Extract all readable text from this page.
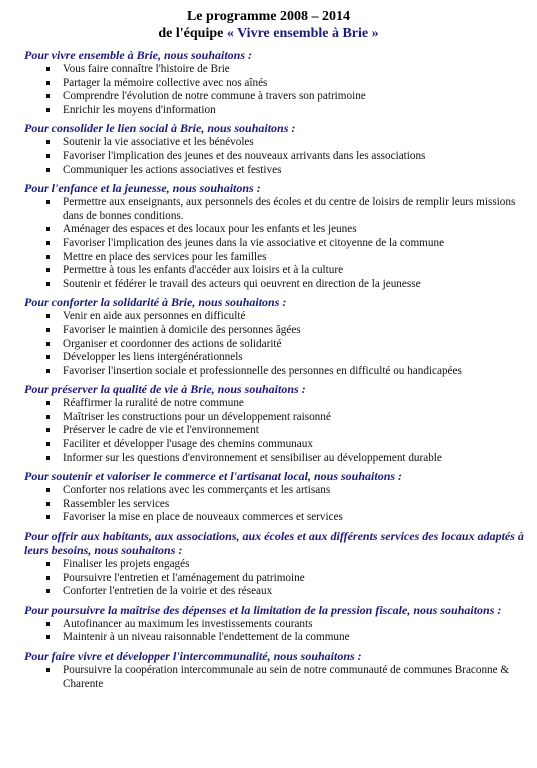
Le programme 2008 – 2014
de l'équipe « Vivre ensemble à Brie »
Pour vivre ensemble à Brie, nous souhaitons :
Vous faire connaître l'histoire de Brie
Partager la mémoire collective avec nos aînés
Comprendre l'évolution de notre commune à travers son patrimoine
Enrichir les moyens d'information
Pour consolider le lien social à Brie, nous souhaitons :
Soutenir la vie associative et les bénévoles
Favoriser l'implication des jeunes et des nouveaux arrivants dans les associations
Communiquer les actions associatives et festives
Pour l'enfance et la jeunesse, nous souhaitons :
Permettre aux enseignants, aux personnels des écoles et du centre de loisirs de remplir leurs missions dans de bonnes conditions.
Aménager des espaces et des locaux pour les enfants et les jeunes
Favoriser l'implication des jeunes dans la vie associative et citoyenne de la commune
Mettre en place des services pour les familles
Permettre à tous les enfants d'accéder aux loisirs et à la culture
Soutenir et fédérer le travail des acteurs qui oeuvrent en direction de la jeunesse
Pour conforter la solidarité à Brie, nous souhaitons :
Venir en aide aux personnes en difficulté
Favoriser le maintien à domicile des personnes âgées
Organiser et coordonner des actions de solidarité
Développer les liens intergénérationnels
Favoriser l'insertion sociale et professionnelle des personnes en difficulté ou handicapées
Pour préserver la qualité de vie à Brie, nous souhaitons :
Réaffirmer la ruralité de notre commune
Maîtriser les constructions pour un développement raisonné
Préserver le cadre de vie et l'environnement
Faciliter et développer l'usage des chemins communaux
Informer sur les questions d'environnement et sensibiliser au développement durable
Pour soutenir et valoriser le commerce et l'artisanat local, nous souhaitons :
Conforter nos relations avec les commerçants et les artisans
Rassembler les services
Favoriser la mise en place de nouveaux commerces et services
Pour offrir aux habitants, aux associations, aux écoles et aux différents services des locaux adaptés à leurs besoins, nous souhaitons :
Finaliser les projets engagés
Poursuivre l'entretien et l'aménagement du patrimoine
Conforter l'entretien de la voirie et des réseaux
Pour poursuivre la maîtrise des dépenses et la limitation de la pression fiscale, nous souhaitons :
Autofinancer au maximum les investissements courants
Maintenir à un niveau raisonnable l'endettement de la commune
Pour faire vivre et développer l'intercommunalité, nous souhaitons :
Poursuivre la coopération intercommunale au sein de notre communauté de communes Braconne & Charente
